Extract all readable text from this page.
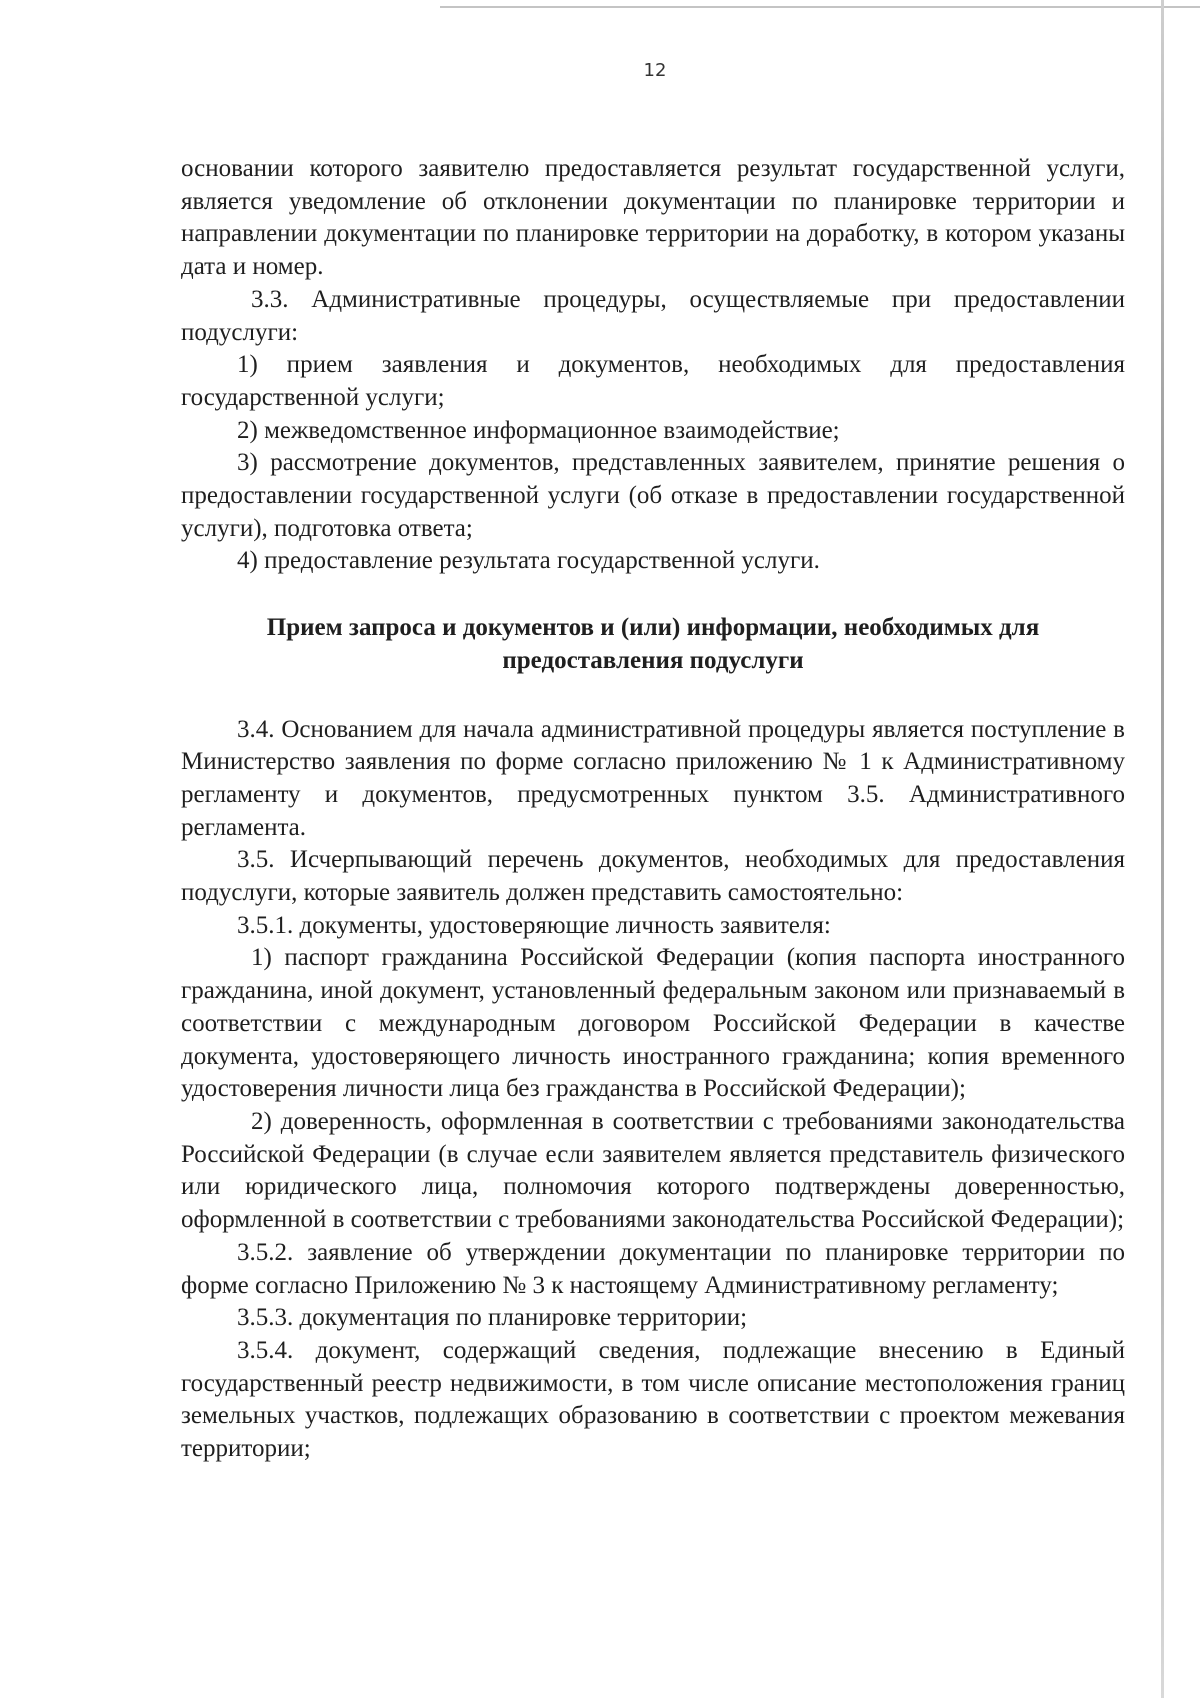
12

основании которого заявителю предоставляется результат государственной услуги, является уведомление об отклонении документации по планировке территории и направлении документации по планировке территории на доработку, в котором указаны дата и номер.

3.3. Административные процедуры, осуществляемые при предоставлении подуслуги:

1) прием заявления и документов, необходимых для предоставления государственной услуги;

2) межведомственное информационное взаимодействие;

3) рассмотрение документов, представленных заявителем, принятие решения о предоставлении государственной услуги (об отказе в предоставлении государственной услуги), подготовка ответа;

4) предоставление результата государственной услуги.

Прием запроса и документов и (или) информации, необходимых для предоставления подуслуги

3.4. Основанием для начала административной процедуры является поступление в Министерство заявления по форме согласно приложению № 1 к Административному регламенту и документов, предусмотренных пунктом 3.5. Административного регламента.

3.5. Исчерпывающий перечень документов, необходимых для предоставления подуслуги, которые заявитель должен представить самостоятельно:

3.5.1. документы, удостоверяющие личность заявителя:

1) паспорт гражданина Российской Федерации (копия паспорта иностранного гражданина, иной документ, установленный федеральным законом или признаваемый в соответствии с международным договором Российской Федерации в качестве документа, удостоверяющего личность иностранного гражданина; копия временного удостоверения личности лица без гражданства в Российской Федерации);

2) доверенность, оформленная в соответствии с требованиями законодательства Российской Федерации (в случае если заявителем является представитель физического или юридического лица, полномочия которого подтверждены доверенностью, оформленной в соответствии с требованиями законодательства Российской Федерации);

3.5.2. заявление об утверждении документации по планировке территории по форме согласно Приложению № 3 к настоящему Административному регламенту;

3.5.3. документация по планировке территории;

3.5.4. документ, содержащий сведения, подлежащие внесению в Единый государственный реестр недвижимости, в том числе описание местоположения границ земельных участков, подлежащих образованию в соответствии с проектом межевания территории;
